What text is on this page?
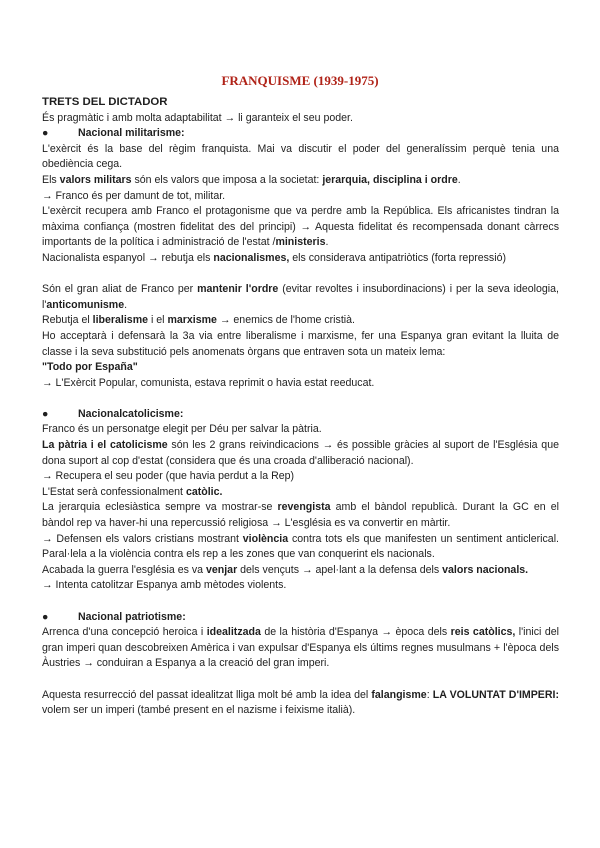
FRANQUISME (1939-1975)

TRETS DEL DICTADOR

És pragmàtic i amb molta adaptabilitat → li garanteix el seu poder.

●	Nacional militarisme:

L'exèrcit és la base del règim franquista. Mai va discutir el poder del generalíssim perquè tenia una obediència cega.

Els valors militars són els valors que imposa a la societat: jerarquia, disciplina i ordre.

→ Franco és per damunt de tot, militar.

L'exèrcit recupera amb Franco el protagonisme que va perdre amb la República. Els africanistes tindran la màxima confiança (mostren fidelitat des del principi) → Aquesta fidelitat és recompensada donant càrrecs importants de la política i administració de l'estat /ministeris.

Nacionalista espanyol → rebutja els nacionalismes, els considerava antipatriòtics (forta repressió)

Són el gran aliat de Franco per mantenir l'ordre (evitar revoltes i insubordinacions) i per la seva ideologia, l'anticomunisme.

Rebutja el liberalisme i el marxisme → enemics de l'home cristià.

Ho acceptarà i defensarà la 3a via entre liberalisme i marxisme, fer una Espanya gran evitant la lluita de classe i la seva substitució pels anomenats òrgans que entraven sota un mateix lema:

"Todo por España"

→ L'Exèrcit Popular, comunista, estava reprimit o havia estat reeducat.

●	Nacionalcatolicisme:

Franco és un personatge elegit per Déu per salvar la pàtria.

La pàtria i el catolicisme són les 2 grans reivindicacions → és possible gràcies al suport de l'Església que dona suport al cop d'estat (considera que és una croada d'alliberació nacional).

→ Recupera el seu poder (que havia perdut a la Rep)

L'Estat serà confessionalment catòlic.

La jerarquia eclesiàstica sempre va mostrar-se revengista amb el bàndol republicà. Durant la GC en el bàndol rep va haver-hi una repercussió religiosa → L'església es va convertir en màrtir.

→ Defensen els valors cristians mostrant violència contra tots els que manifesten un sentiment anticlerical. Paral·lela a la violència contra els rep a les zones que van conquerint els nacionals.

Acabada la guerra l'església es va venjar dels vençuts → apel·lant a la defensa dels valors nacionals.

→ Intenta catolitzar Espanya amb mètodes violents.

●	Nacional patriotisme:

Arrenca d'una concepció heroica i idealitzada de la història d'Espanya → època dels reis catòlics, l'inici del gran imperi quan descobreixen Amèrica i van expulsar d'Espanya els últims regnes musulmans + l'època dels Àustries → conduiran a Espanya a la creació del gran imperi.

Aquesta resurrecció del passat idealitzat lliga molt bé amb la idea del falangisme: LA VOLUNTAT D'IMPERI: volem ser un imperi (també present en el nazisme i feixisme italià).
